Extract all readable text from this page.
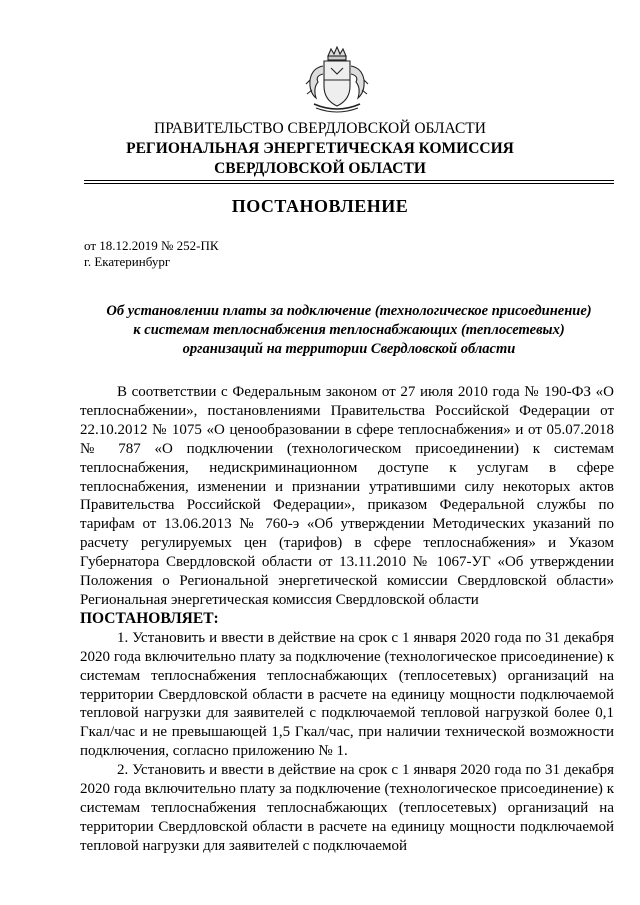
ПРАВИТЕЛЬСТВО СВЕРДЛОВСКОЙ ОБЛАСТИ
РЕГИОНАЛЬНАЯ ЭНЕРГЕТИЧЕСКАЯ КОМИССИЯ
СВЕРДЛОВСКОЙ ОБЛАСТИ
ПОСТАНОВЛЕНИЕ
от 18.12.2019 № 252-ПК
г. Екатеринбург
Об установлении платы за подключение (технологическое присоединение)
к системам теплоснабжения теплоснабжающих (теплосетевых)
организаций на территории Свердловской области

В соответствии с Федеральным законом от 27 июля 2010 года № 190-ФЗ «О теплоснабжении», постановлениями Правительства Российской Федерации от 22.10.2012 № 1075 «О ценообразовании в сфере теплоснабжения» и от 05.07.2018 № 787 «О подключении (технологическом присоединении) к системам теплоснабжения, недискриминационном доступе к услугам в сфере теплоснабжения, изменении и признании утратившими силу некоторых актов Правительства Российской Федерации», приказом Федеральной службы по тарифам от 13.06.2013 № 760-э «Об утверждении Методических указаний по расчету регулируемых цен (тарифов) в сфере теплоснабжения» и Указом Губернатора Свердловской области от 13.11.2010 № 1067-УГ «Об утверждении Положения о Региональной энергетической комиссии Свердловской области» Региональная энергетическая комиссия Свердловской области

ПОСТАНОВЛЯЕТ:

1. Установить и ввести в действие на срок с 1 января 2020 года по 31 декабря 2020 года включительно плату за подключение (технологическое присоединение) к системам теплоснабжения теплоснабжающих (теплосетевых) организаций на территории Свердловской области в расчете на единицу мощности подключаемой тепловой нагрузки для заявителей с подключаемой тепловой нагрузкой более 0,1 Гкал/час и не превышающей 1,5 Гкал/час, при наличии технической возможности подключения, согласно приложению № 1.

2. Установить и ввести в действие на срок с 1 января 2020 года по 31 декабря 2020 года включительно плату за подключение (технологическое присоединение) к системам теплоснабжения теплоснабжающих (теплосетевых) организаций на территории Свердловской области в расчете на единицу мощности подключаемой тепловой нагрузки для заявителей с подключаемой
